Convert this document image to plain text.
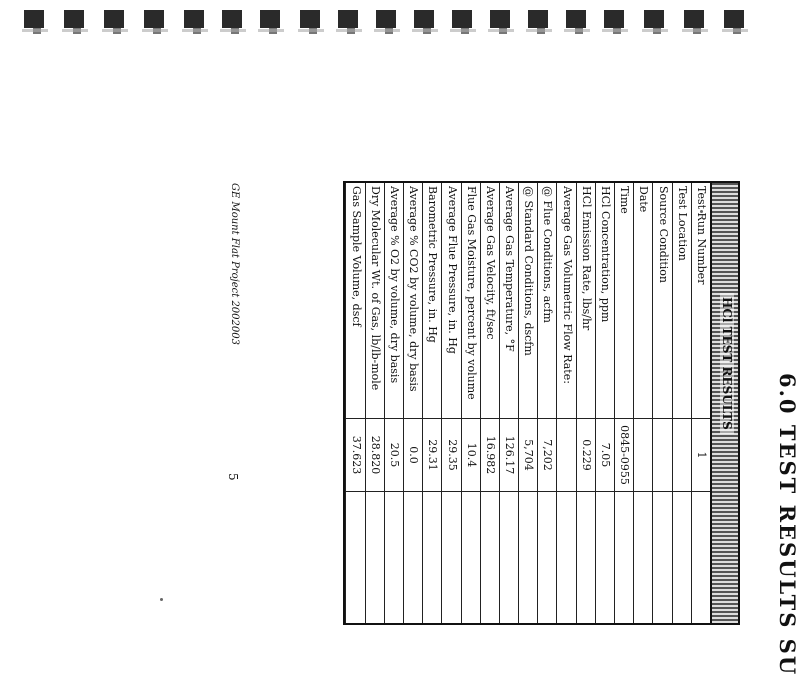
6.0 TEST RESULTS SU
HCl TEST RESULTS
Test Run Number
1
Test Location
Source Condition
Date
Time
0845-0955
HCl Concentration, ppm
7.05
HCl Emission Rate, lbs/hr
0.229
Average Gas Volumetric Flow Rate:
@ Flue Conditions, acfm
7,202
@ Standard Conditions, dscfm
5,704
Average Gas Temperature, °F
126.17
Average Gas Velocity, ft/sec
16.982
Flue Gas Moisture, percent by volume
10.4
Average Flue Pressure, in. Hg
29.35
Barometric Pressure, in. Hg
29.31
Average % CO2 by volume, dry basis
0.0
Average % O2 by volume, dry basis
20.5
Dry Molecular Wt. of Gas, lb/lb-mole
28.820
Gas Sample Volume, dscf
37.623
GE Mount Flat Project 2002003
5
